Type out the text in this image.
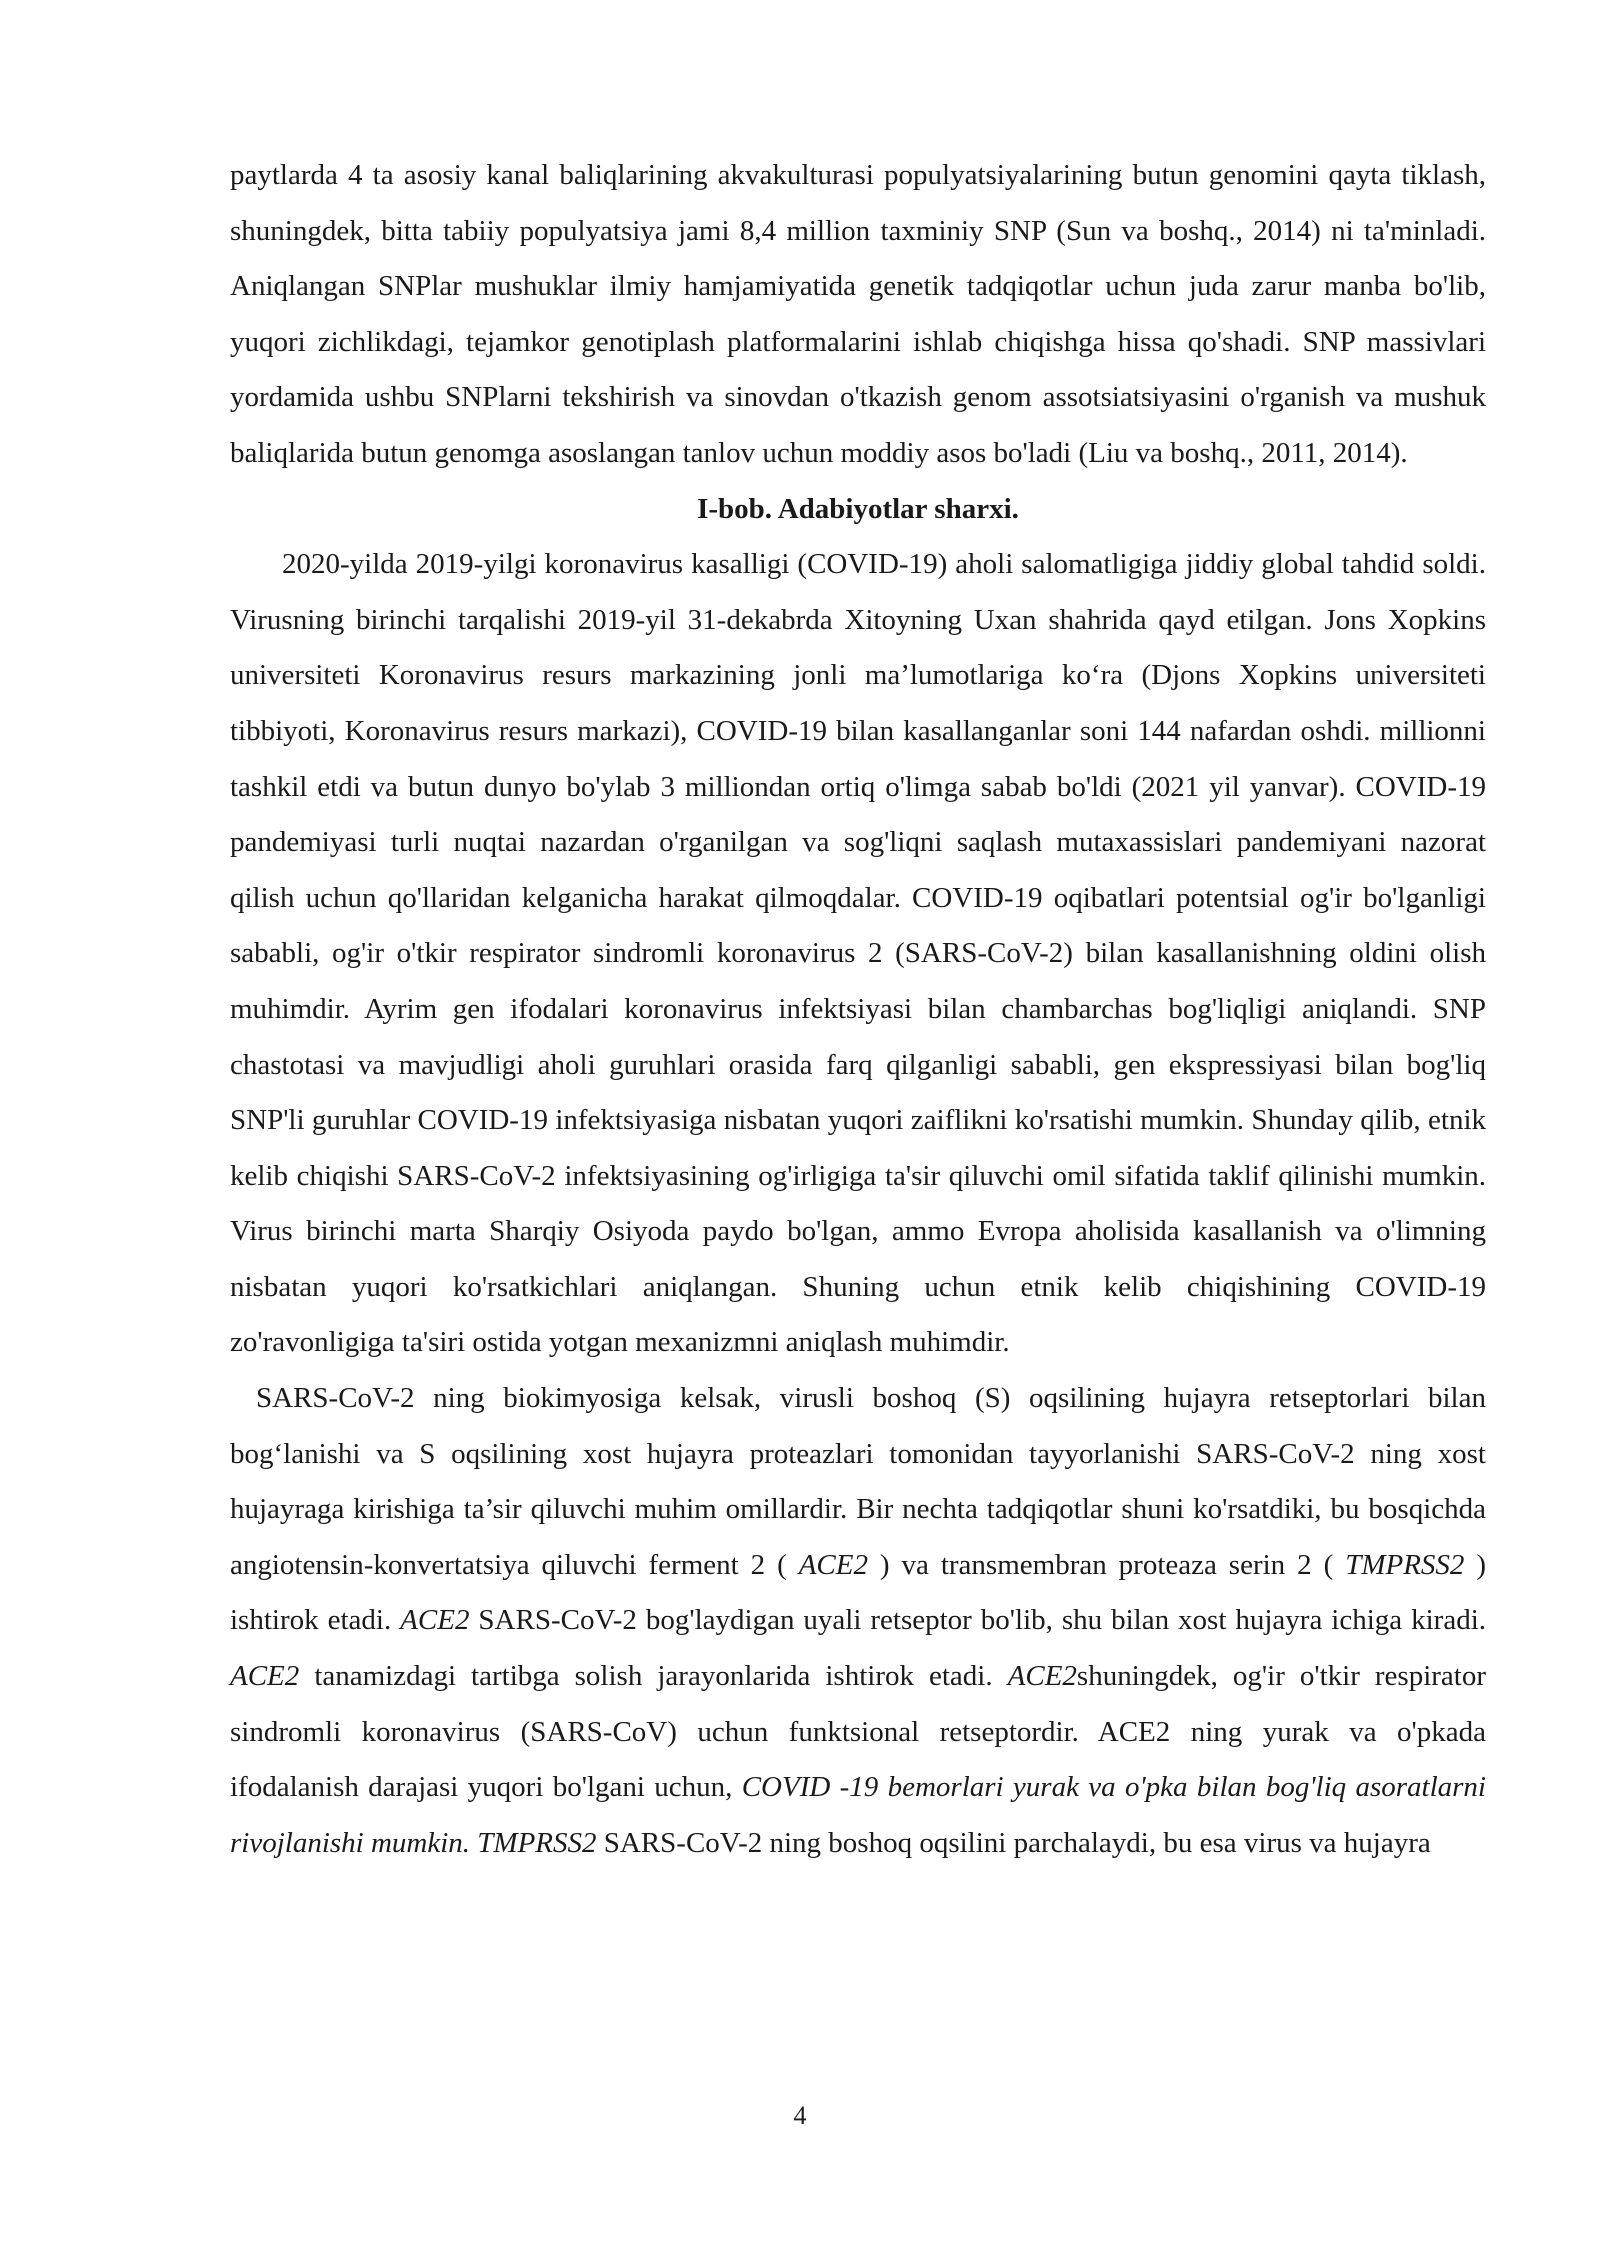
paytlarda 4 ta asosiy kanal baliqlarining akvakulturasi populyatsiyalarining butun genomini qayta tiklash, shuningdek, bitta tabiiy populyatsiya jami 8,4 million taxminiy SNP (Sun va boshq., 2014) ni ta'minladi. Aniqlangan SNPlar mushuklar ilmiy hamjamiyatida genetik tadqiqotlar uchun juda zarur manba bo'lib, yuqori zichlikdagi, tejamkor genotiplash platformalarini ishlab chiqishga hissa qo'shadi. SNP massivlari yordamida ushbu SNPlarni tekshirish va sinovdan o'tkazish genom assotsiatsiyasini o'rganish va mushuk baliqlarida butun genomga asoslangan tanlov uchun moddiy asos bo'ladi (Liu va boshq., 2011, 2014).

I-bob. Adabiyotlar sharxi.

2020-yilda 2019-yilgi koronavirus kasalligi (COVID-19) aholi salomatligiga jiddiy global tahdid soldi. Virusning birinchi tarqalishi 2019-yil 31-dekabrda Xitoyning Uxan shahrida qayd etilgan. Jons Xopkins universiteti Koronavirus resurs markazining jonli ma’lumotlariga ko‘ra (Djons Xopkins universiteti tibbiyoti, Koronavirus resurs markazi), COVID-19 bilan kasallanganlar soni 144 nafardan oshdi. millionni tashkil etdi va butun dunyo bo'ylab 3 milliondan ortiq o'limga sabab bo'ldi (2021 yil yanvar). COVID-19 pandemiyasi turli nuqtai nazardan o'rganilgan va sog'liqni saqlash mutaxassislari pandemiyani nazorat qilish uchun qo'llaridan kelganicha harakat qilmoqdalar. COVID-19 oqibatlari potentsial og'ir bo'lganligi sababli, og'ir o'tkir respirator sindromli koronavirus 2 (SARS-CoV-2) bilan kasallanishning oldini olish muhimdir. Ayrim gen ifodalari koronavirus infektsiyasi bilan chambarchas bog'liqligi aniqlandi. SNP chastotasi va mavjudligi aholi guruhlari orasida farq qilganligi sababli, gen ekspressiyasi bilan bog'liq SNP'li guruhlar COVID-19 infektsiyasiga nisbatan yuqori zaiflikni ko'rsatishi mumkin. Shunday qilib, etnik kelib chiqishi SARS-CoV-2 infektsiyasining og'irligiga ta'sir qiluvchi omil sifatida taklif qilinishi mumkin. Virus birinchi marta Sharqiy Osiyoda paydo bo'lgan, ammo Evropa aholisida kasallanish va o'limning nisbatan yuqori ko'rsatkichlari aniqlangan. Shuning uchun etnik kelib chiqishining COVID-19 zo'ravonligiga ta'siri ostida yotgan mexanizmni aniqlash muhimdir.

SARS-CoV-2 ning biokimyosiga kelsak, virusli boshoq (S) oqsilining hujayra retseptorlari bilan bog‘lanishi va S oqsilining xost hujayra proteazlari tomonidan tayyorlanishi SARS-CoV-2 ning xost hujayraga kirishiga ta’sir qiluvchi muhim omillardir. Bir nechta tadqiqotlar shuni ko'rsatdiki, bu bosqichda angiotensin-konvertatsiya qiluvchi ferment 2 ( ACE2 ) va transmembran proteaza serin 2 ( TMPRSS2 ) ishtirok etadi. ACE2 SARS-CoV-2 bog'laydigan uyali retseptor bo'lib, shu bilan xost hujayra ichiga kiradi. ACE2 tanamizdagi tartibga solish jarayonlarida ishtirok etadi. ACE2shuningdek, og'ir o'tkir respirator sindromli koronavirus (SARS-CoV) uchun funktsional retseptordir. ACE2 ning yurak va o'pkada ifodalanish darajasi yuqori bo'lgani uchun, COVID -19 bemorlari yurak va o'pka bilan bog'liq asoratlarni rivojlanishi mumkin. TMPRSS2 SARS-CoV-2 ning boshoq oqsilini parchalaydi, bu esa virus va hujayra

4
